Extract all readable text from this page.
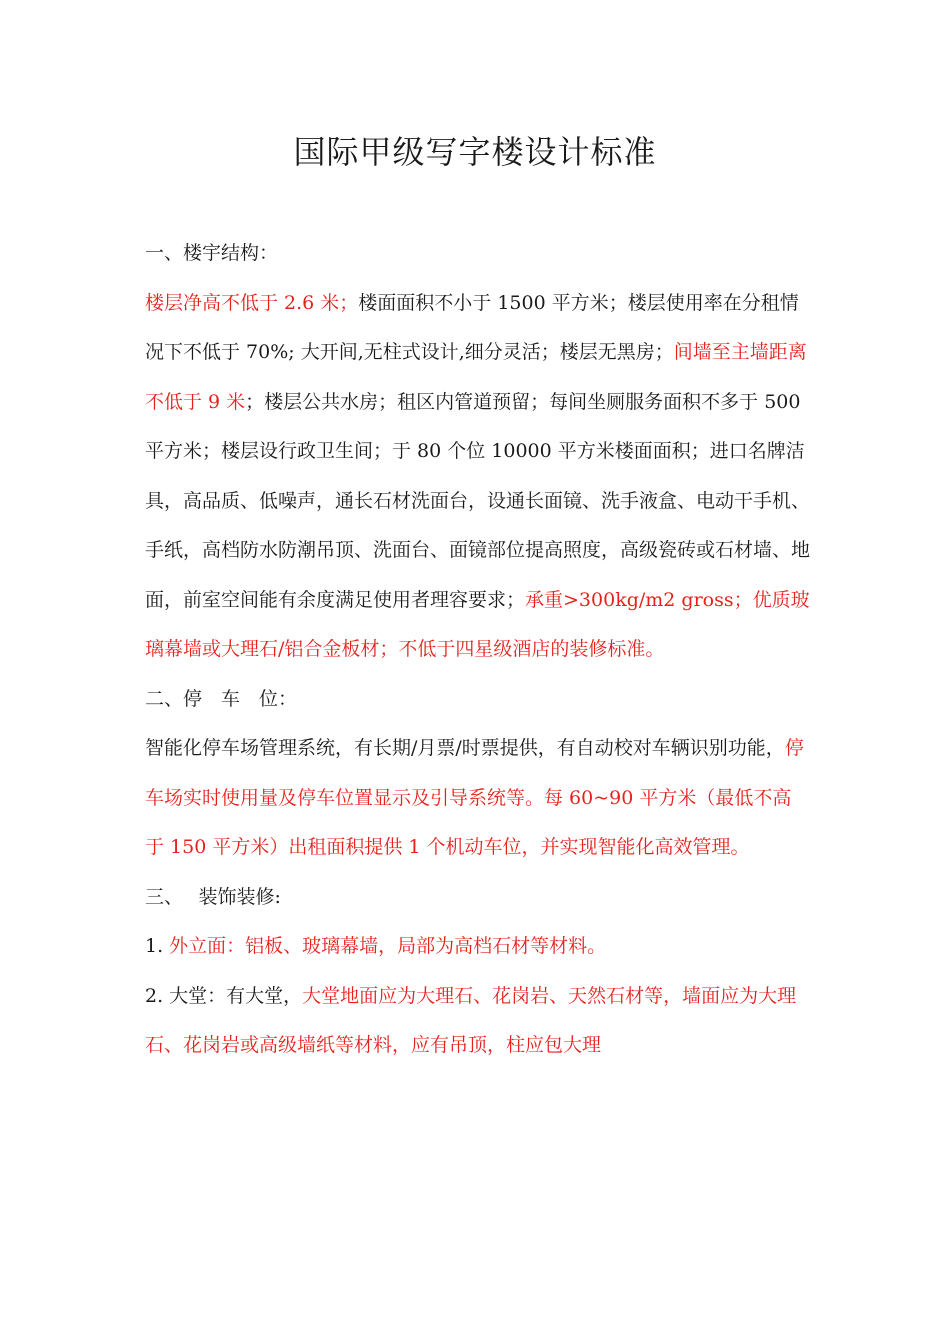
国际甲级写字楼设计标准

一、楼宇结构：

楼层净高不低于 2.6 米；楼面面积不小于 1500 平方米；楼层使用率在分租情况下不低于 70%; 大开间,无柱式设计,细分灵活；楼层无黑房；间墙至主墙距离不低于 9 米；楼层公共水房；租区内管道预留；每间坐厕服务面积不多于 500 平方米；楼层设行政卫生间；于 80 个位 10000 平方米楼面面积；进口名牌洁具，高品质、低噪声，通长石材洗面台，设通长面镜、洗手液盒、电动干手机、手纸，高档防水防潮吊顶、洗面台、面镜部位提高照度，高级瓷砖或石材墙、地面，前室空间能有余度满足使用者理容要求；承重>300kg/m2 gross；优质玻璃幕墙或大理石/铝合金板材；不低于四星级酒店的装修标准。

二、停　车　位：

智能化停车场管理系统，有长期/月票/时票提供，有自动校对车辆识别功能，停车场实时使用量及停车位置显示及引导系统等。每 60~90 平方米（最低不高于 150 平方米）出租面积提供 1 个机动车位，并实现智能化高效管理。

三、　 装饰装修:

1. 外立面：铝板、玻璃幕墙，局部为高档石材等材料。

2. 大堂：有大堂，大堂地面应为大理石、花岗岩、天然石材等，墙面应为大理石、花岗岩或高级墙纸等材料，应有吊顶，柱应包大理
